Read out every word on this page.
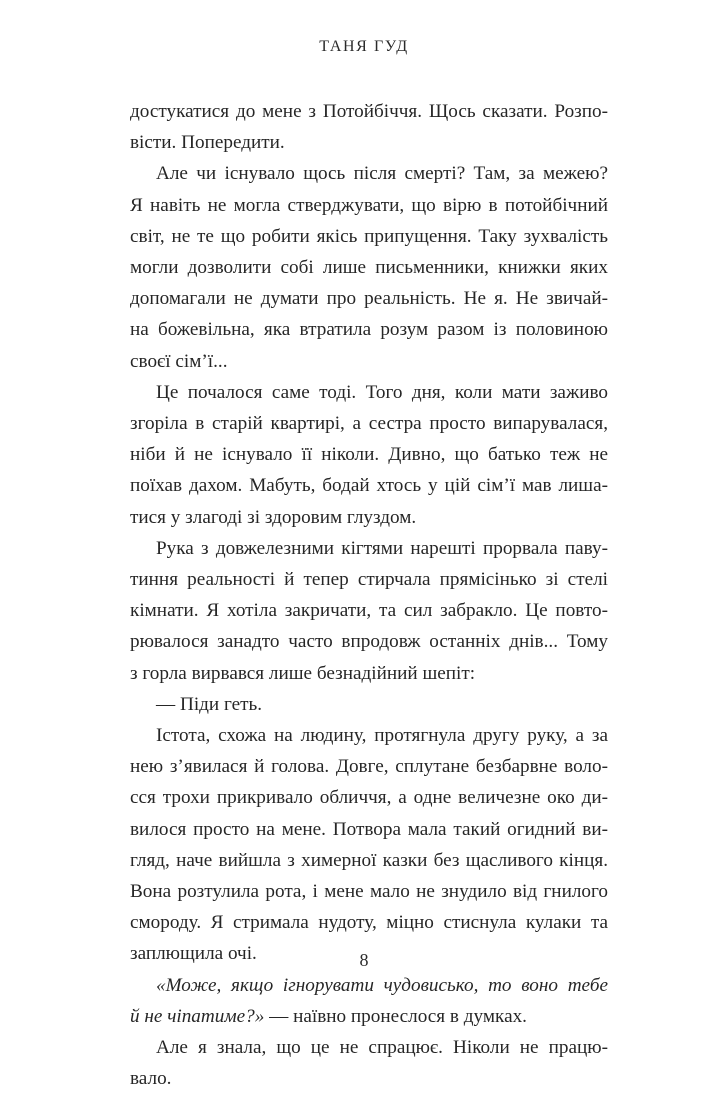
ТАНЯ ГУД

достукатися до мене з Потойбіччя. Щось сказати. Розпо-
вісти. Попередити.

Але чи існувало щось після смерті? Там, за межею?
Я навіть не могла стверджувати, що вірю в потойбічний
світ, не те що робити якісь припущення. Таку зухвалість
могли дозволити собі лише письменники, книжки яких
допомагали не думати про реальність. Не я. Не звичай-
на божевільна, яка втратила розум разом із половиною
своєї сім’ї...

Це почалося саме тоді. Того дня, коли мати заживо
згоріла в старій квартирі, а сестра просто випарувалася,
ніби й не існувало її ніколи. Дивно, що батько теж не
поїхав дахом. Мабуть, бодай хтось у цій сім’ї мав лиша-
тися у злагоді зі здоровим глуздом.

Рука з довжелезними кігтями нарешті прорвала паву-
тиння реальності й тепер стирчала прямісінько зі стелі
кімнати. Я хотіла закричати, та сил забракло. Це повто-
рювалося занадто часто впродовж останніх днів... Тому
з горла вирвався лише безнадійний шепіт:

— Піди геть.

Істота, схожа на людину, протягнула другу руку, а за
нею з’явилася й голова. Довге, сплутане безбарвне воло-
сся трохи прикривало обличчя, а одне величезне око ди-
вилося просто на мене. Потвора мала такий огидний ви-
гляд, наче вийшла з химерної казки без щасливого кінця.
Вона розтулила рота, і мене мало не знудило від гнилого
смороду. Я стримала нудоту, міцно стиснула кулаки та
заплющила очі.

«Може, якщо ігнорувати чудовисько, то воно тебе
й не чіпатиме?» — наївно пронеслося в думках.

Але я знала, що це не спрацює. Ніколи не працю-
вало.

8
